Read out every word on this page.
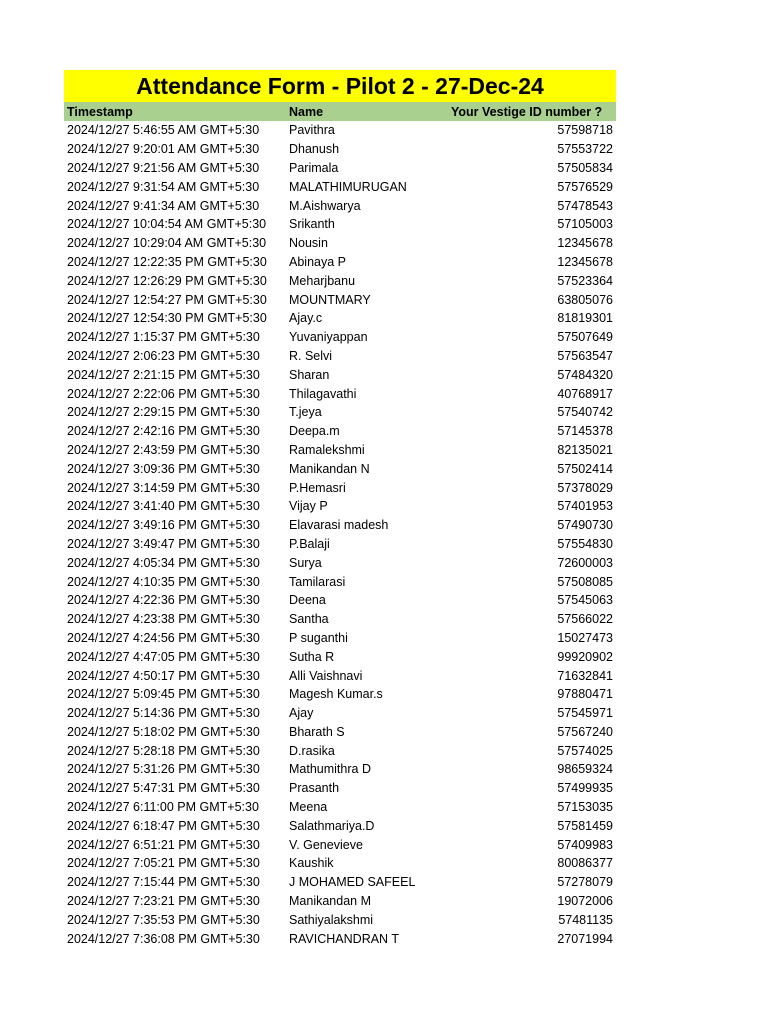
Attendance Form - Pilot 2 - 27-Dec-24
Timestamp	Name	Your Vestige ID number ?
2024/12/27 5:46:55 AM GMT+5:30	Pavithra	57598718
2024/12/27 9:20:01 AM GMT+5:30	Dhanush	57553722
2024/12/27 9:21:56 AM GMT+5:30	Parimala	57505834
2024/12/27 9:31:54 AM GMT+5:30	MALATHIMURUGAN	57576529
2024/12/27 9:41:34 AM GMT+5:30	M.Aishwarya	57478543
2024/12/27 10:04:54 AM GMT+5:30	Srikanth	57105003
2024/12/27 10:29:04 AM GMT+5:30	Nousin	12345678
2024/12/27 12:22:35 PM GMT+5:30	Abinaya P	12345678
2024/12/27 12:26:29 PM GMT+5:30	Meharjbanu	57523364
2024/12/27 12:54:27 PM GMT+5:30	MOUNTMARY	63805076
2024/12/27 12:54:30 PM GMT+5:30	Ajay.c	81819301
2024/12/27 1:15:37 PM GMT+5:30	Yuvaniyappan	57507649
2024/12/27 2:06:23 PM GMT+5:30	R. Selvi	57563547
2024/12/27 2:21:15 PM GMT+5:30	Sharan	57484320
2024/12/27 2:22:06 PM GMT+5:30	Thilagavathi	40768917
2024/12/27 2:29:15 PM GMT+5:30	T.jeya	57540742
2024/12/27 2:42:16 PM GMT+5:30	Deepa.m	57145378
2024/12/27 2:43:59 PM GMT+5:30	Ramalekshmi	82135021
2024/12/27 3:09:36 PM GMT+5:30	Manikandan N	57502414
2024/12/27 3:14:59 PM GMT+5:30	P.Hemasri	57378029
2024/12/27 3:41:40 PM GMT+5:30	Vijay P	57401953
2024/12/27 3:49:16 PM GMT+5:30	Elavarasi madesh	57490730
2024/12/27 3:49:47 PM GMT+5:30	P.Balaji	57554830
2024/12/27 4:05:34 PM GMT+5:30	Surya	72600003
2024/12/27 4:10:35 PM GMT+5:30	Tamilarasi	57508085
2024/12/27 4:22:36 PM GMT+5:30	Deena	57545063
2024/12/27 4:23:38 PM GMT+5:30	Santha	57566022
2024/12/27 4:24:56 PM GMT+5:30	P suganthi	15027473
2024/12/27 4:47:05 PM GMT+5:30	Sutha R	99920902
2024/12/27 4:50:17 PM GMT+5:30	Alli Vaishnavi	71632841
2024/12/27 5:09:45 PM GMT+5:30	Magesh Kumar.s	97880471
2024/12/27 5:14:36 PM GMT+5:30	Ajay	57545971
2024/12/27 5:18:02 PM GMT+5:30	Bharath S	57567240
2024/12/27 5:28:18 PM GMT+5:30	D.rasika	57574025
2024/12/27 5:31:26 PM GMT+5:30	Mathumithra D	98659324
2024/12/27 5:47:31 PM GMT+5:30	Prasanth	57499935
2024/12/27 6:11:00 PM GMT+5:30	Meena	57153035
2024/12/27 6:18:47 PM GMT+5:30	Salathmariya.D	57581459
2024/12/27 6:51:21 PM GMT+5:30	V. Genevieve	57409983
2024/12/27 7:05:21 PM GMT+5:30	Kaushik	80086377
2024/12/27 7:15:44 PM GMT+5:30	J MOHAMED SAFEEL	57278079
2024/12/27 7:23:21 PM GMT+5:30	Manikandan M	19072006
2024/12/27 7:35:53 PM GMT+5:30	Sathiyalakshmi	57481135
2024/12/27 7:36:08 PM GMT+5:30	RAVICHANDRAN T	27071994
